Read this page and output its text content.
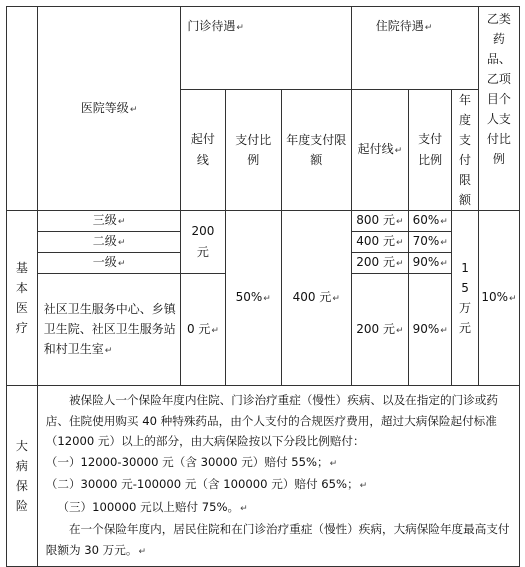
	医院等级↵	门诊待遇↵			住院待遇↵			乙类药品、乙项目个人支付比例
		起付线	支付比例	年度支付限额	起付线↵	支付比例	年度支付限额	
基本医疗	三级↵	200 元	50%↵	400 元↵	800 元↵	60%↵	15 万元	10%↵
	二级↵				400 元↵	70%↵		
	一级↵				200 元↵	90%↵		
	社区卫生服务中心、乡镇卫生院、社区卫生服务站和村卫生室↵	0 元↵			200 元↵	90%↵		
大病保险	被保险人一个保险年度内住院、门诊治疗重症（慢性）疾病、以及在指定的门诊或药店、住院使用购买 40 种特殊药品，由个人支付的合规医疗费用，超过大病保险起付标准（12000 元）以上的部分，由大病保险按以下分段比例赔付：

（一）12000-30000 元（含 30000 元）赔付 55%；↵

（二）30000 元-100000 元（含 100000 元）赔付 65%；↵

（三）100000 元以上赔付 75%。↵

在一个保险年度内，居民住院和在门诊治疗重症（慢性）疾病，大病保险年度最高支付限额为 30 万元。↵							
